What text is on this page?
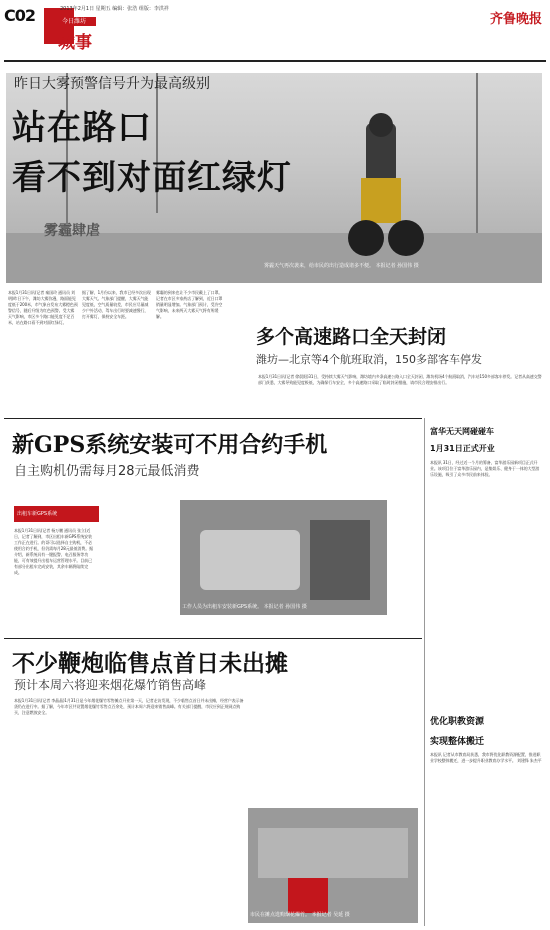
C02	今日潍坊
城事
2013年2月1日 星期五 编辑：张浩 组版：李洪祥
齐鲁晚报
昨日大雾预警信号升为最高级别
站在路口
看不到对面红绿灯
雾霾肆虐
雾霾天气再次袭来，给市民的出行造成诸多不便。 本报记者 孙国伟 摄
本报1月31日讯(记者 秦国玲 通讯员 刘明)昨日下午，潍坊大雾弥漫，路面能见度低于200米，市气象台发布大雾橙色预警信号，随后升级为红色预警。受大雾天气影响，市区多个路口能见度不足百米，站在路口看不到对面红绿灯。
据了解，1月份以来，我市已经多次出现大雾天气。气象部门提醒，大雾天气能见度低，空气质量较差，市民应尽量减少户外活动，驾车出行时要减速慢行，打开雾灯，保持安全车距。
雾霾的到来也让不少市民戴上了口罩。记者在市区多家药店了解到，近日口罩销量明显增加。气象部门预计，受冷空气影响，未来两天大雾天气将有所缓解。
多个高速路口全天封闭
潍坊—北京等4个航班取消，150多部客车停发
本报1月31日讯(记者 徐晨阳)31日，受持续大雾天气影响，潍坊境内多条高速公路入口全天封闭，潍坊机场4个航班取消，汽车站150多部客车停发。记者从高速交警部门获悉，大雾导致能见度极低，为确保行车安全，多个高速路口采取了临时封闭措施，请市民合理安排出行。
新GPS系统安装可不用合约手机
自主购机仍需每月28元最低消费
出租车新GPS系统
本报1月31日讯(记者 杨万鹏 通讯员 张立)近日，记者了解到，市区出租车新GPS系统安装工作正在进行。的哥可以选择自主购机，不必使用合约手机，但仍需每月28元最低消费。据介绍，新系统具有一键报警、电召服务等功能，可有效提升出租车运营管理水平。目前已有部分出租车完成安装，其余车辆将陆续完成。
工作人员为出租车安装新GPS系统。 本报记者 孙国伟 摄
富华无天网碰碰车
1月31日正式开业
本报讯 31日，经过近一个月的筹备，富华游乐园新项目正式开业。该项目位于富华游乐园内，是集娱乐、健身于一体的大型游乐设施，吸引了众多市民前来体验。
优化职教资源
实现整体搬迁
本报讯 记者从市教育局获悉，我市将优化职教资源配置，推进职业学校整体搬迁，进一步提升职业教育办学水平。 刘建锋 朱杰平
不少鞭炮临售点首日未出摊
预计本周六将迎来烟花爆竹销售高峰
本报1月31日讯(记者 李晶晶)1月31日是今年烟花爆竹零售摊点开业第一天，记者走访发现，不少临售点首日并未出摊，经营户表示备货仍在进行中。据了解，今年市区共设置烟花爆竹零售点百余处，预计本周六将迎来销售高峰。有关部门提醒，市民应到正规网点购买，注意燃放安全。
市民在摊点选购烟花爆竹。 本报记者 吴延 摄
